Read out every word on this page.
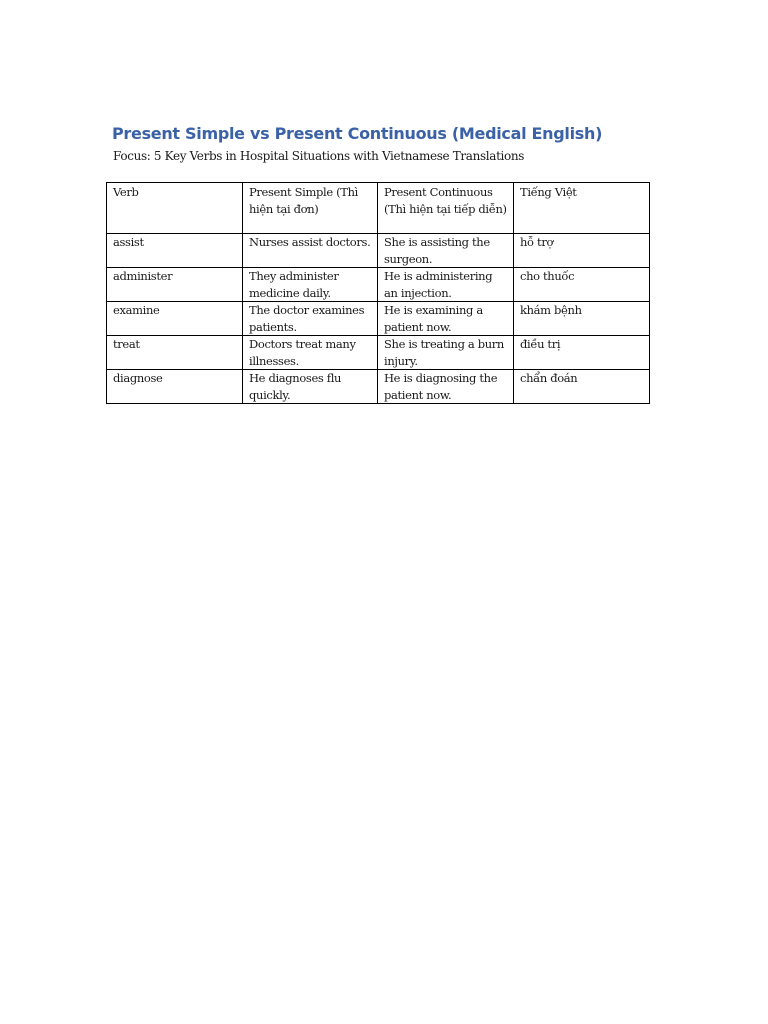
Present Simple vs Present Continuous (Medical English)

Focus: 5 Key Verbs in Hospital Situations with Vietnamese Translations

Verb	Present Simple (Thì hiện tại đơn)	Present Continuous (Thì hiện tại tiếp diễn)	Tiếng Việt
assist	Nurses assist doctors.	She is assisting the surgeon.	hỗ trợ
administer	They administer medicine daily.	He is administering an injection.	cho thuốc
examine	The doctor examines patients.	He is examining a patient now.	khám bệnh
treat	Doctors treat many illnesses.	She is treating a burn injury.	điều trị
diagnose	He diagnoses flu quickly.	He is diagnosing the patient now.	chẩn đoán
